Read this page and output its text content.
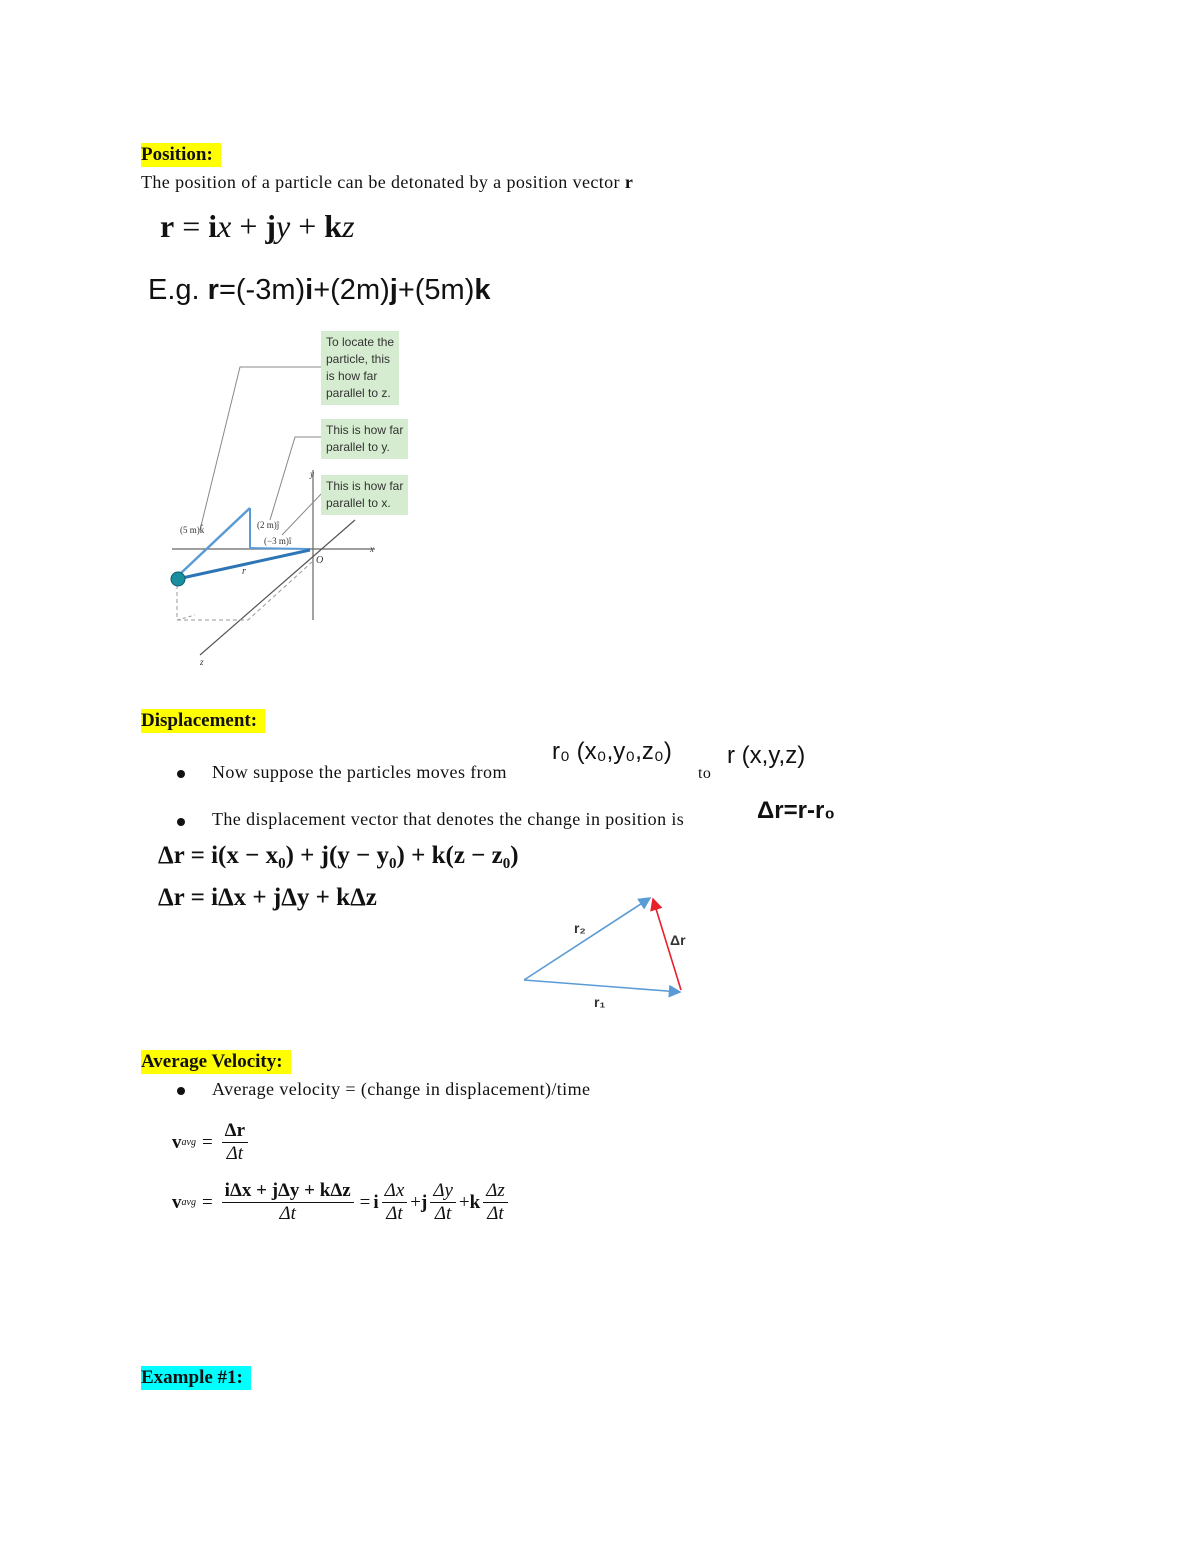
Position:
The position of a particle can be detonated by a position vector r
r = ix + jy + kz
E.g. r=(-3m)i+(2m)j+(5m)k
(5 m)k̂	(2 m)ĵ
(−3 m)î
r⃗
x
y
z
O
To locate the
particle, this
is how far
parallel to z.
This is how far
parallel to y.
This is how far
parallel to x.
Displacement:
Now suppose the particles moves from
r₀ (x₀,y₀,z₀)
to
r (x,y,z)
The displacement vector that denotes the change in position is	Δr=r-r₀
Δr = i(x − x₀) + j(y − y₀) + k(z − z₀)
Δr = iΔx + jΔy + kΔz
r₁
r₂
Δr
Average Velocity:
Average velocity = (change in displacement)/time
v avg = $\frac{\Delta r}{\Delta t}$
v avg = $\frac{\text{iΔx + jΔy + kΔz}}{\Delta t} = i \frac{\Delta x}{\Delta t} + j \frac{\Delta y}{\Delta t} + k \frac{\Delta z}{\Delta t}$
Example #1:
